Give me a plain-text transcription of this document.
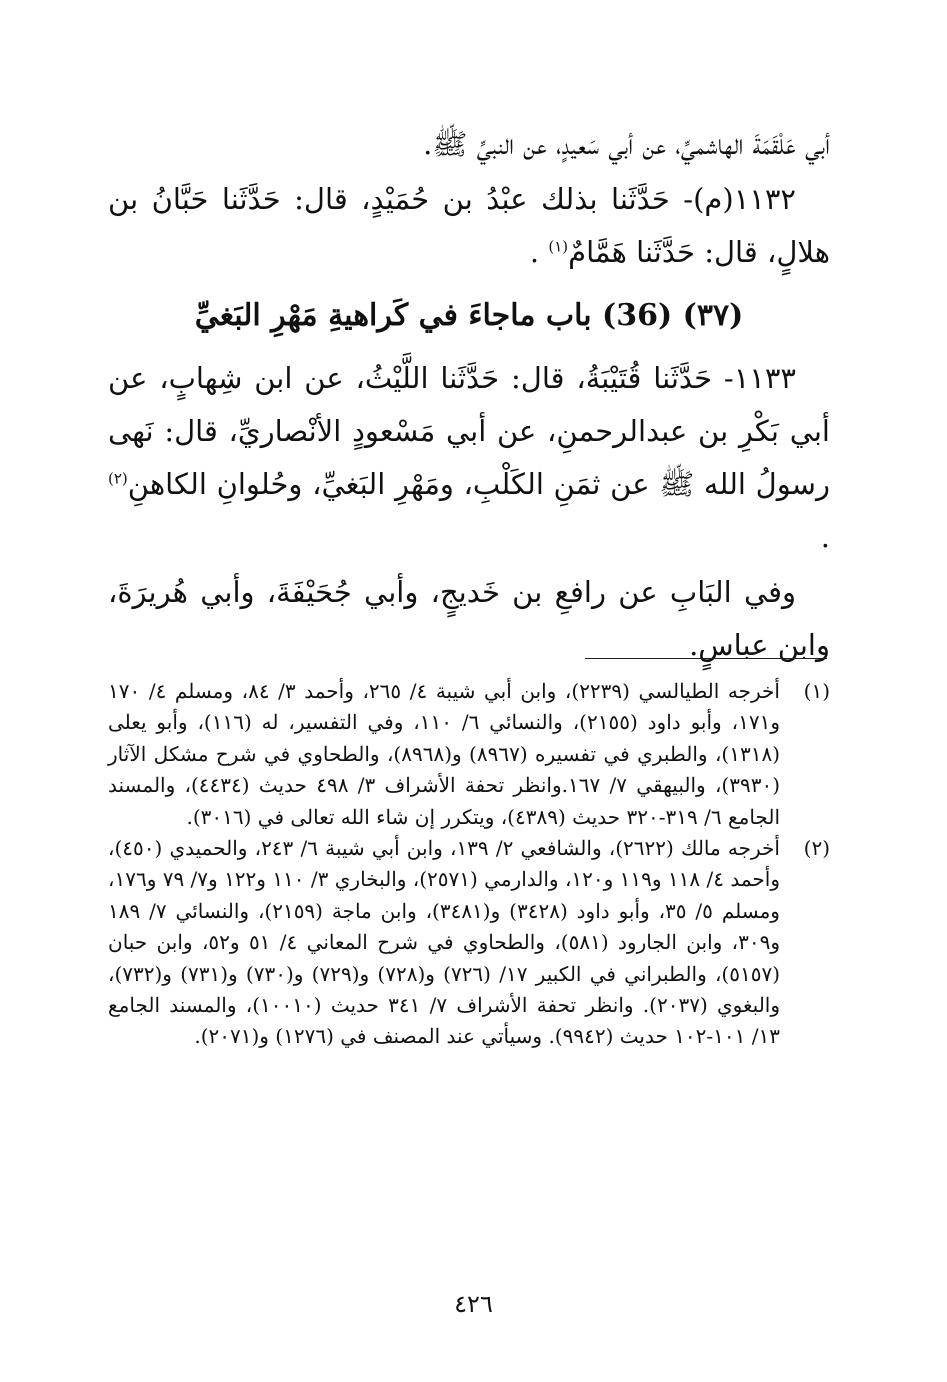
أبي عَلْقَمَةَ الهاشميِّ، عن أبي سَعيدٍ، عن النبيِّ ﷺ.

١١٣٢(م)- حَدَّثَنا بذلك عبْدُ بن حُمَيْدٍ، قال: حَدَّثَنا حَبَّانُ بن هلالٍ، قال: حَدَّثَنا هَمَّامٌ$^{(١)}$ .

(٣٧) (36) باب ماجاءَ في كَراهيةِ مَهْرِ البَغيِّ

١١٣٣- حَدَّثَنا قُتَيْبَةُ، قال: حَدَّثَنا اللَّيْثُ، عن ابن شِهابٍ، عن أبي بَكْرِ بن عبدالرحمنِ، عن أبي مَسْعودٍ الأنْصاريِّ، قال: نَهى رسولُ الله ﷺ عن ثمَنِ الكَلْبِ، ومَهْرِ البَغيِّ، وحُلوانِ الكاهنِ$^{(٢)}$ .

وفي البَابِ عن رافعِ بن خَديجٍ، وأبي جُحَيْفَةَ، وأبي هُريرَةَ، وابن عباسٍ.

(١)
أخرجه الطيالسي (٢٢٣٩)، وابن أبي شيبة ٤/ ٢٦٥، وأحمد ٣/ ٨٤، ومسلم ٤/ ١٧٠ و١٧١، وأبو داود (٢١٥٥)، والنسائي ٦/ ١١٠، وفي التفسير، له (١١٦)، وأبو يعلى (١٣١٨)، والطبري في تفسيره (٨٩٦٧) و(٨٩٦٨)، والطحاوي في شرح مشكل الآثار (٣٩٣٠)، والبيهقي ٧/ ١٦٧.وانظر تحفة الأشراف ٣/ ٤٩٨ حديث (٤٤٣٤)، والمسند الجامع ٦/ ٣١٩-٣٢٠ حديث (٤٣٨٩)، ويتكرر إن شاء الله تعالى في (٣٠١٦).
(٢)
أخرجه مالك (٢٦٢٢)، والشافعي ٢/ ١٣٩، وابن أبي شيبة ٦/ ٢٤٣، والحميدي (٤٥٠)، وأحمد ٤/ ١١٨ و١١٩ و١٢٠، والدارمي (٢٥٧١)، والبخاري ٣/ ١١٠ و١٢٢ و٧/ ٧٩ و١٧٦، ومسلم ٥/ ٣٥، وأبو داود (٣٤٢٨) و(٣٤٨١)، وابن ماجة (٢١٥٩)، والنسائي ٧/ ١٨٩ و٣٠٩، وابن الجارود (٥٨١)، والطحاوي في شرح المعاني ٤/ ٥١ و٥٢، وابن حبان (٥١٥٧)، والطبراني في الكبير ١٧/ (٧٢٦) و(٧٢٨) و(٧٢٩) و(٧٣٠) و(٧٣١) و(٧٣٢)، والبغوي (٢٠٣٧). وانظر تحفة الأشراف ٧/ ٣٤١ حديث (١٠٠١٠)، والمسند الجامع ١٣/ ١٠١-١٠٢ حديث (٩٩٤٢). وسيأتي عند المصنف في (١٢٧٦) و(٢٠٧١).
٤٢٦
